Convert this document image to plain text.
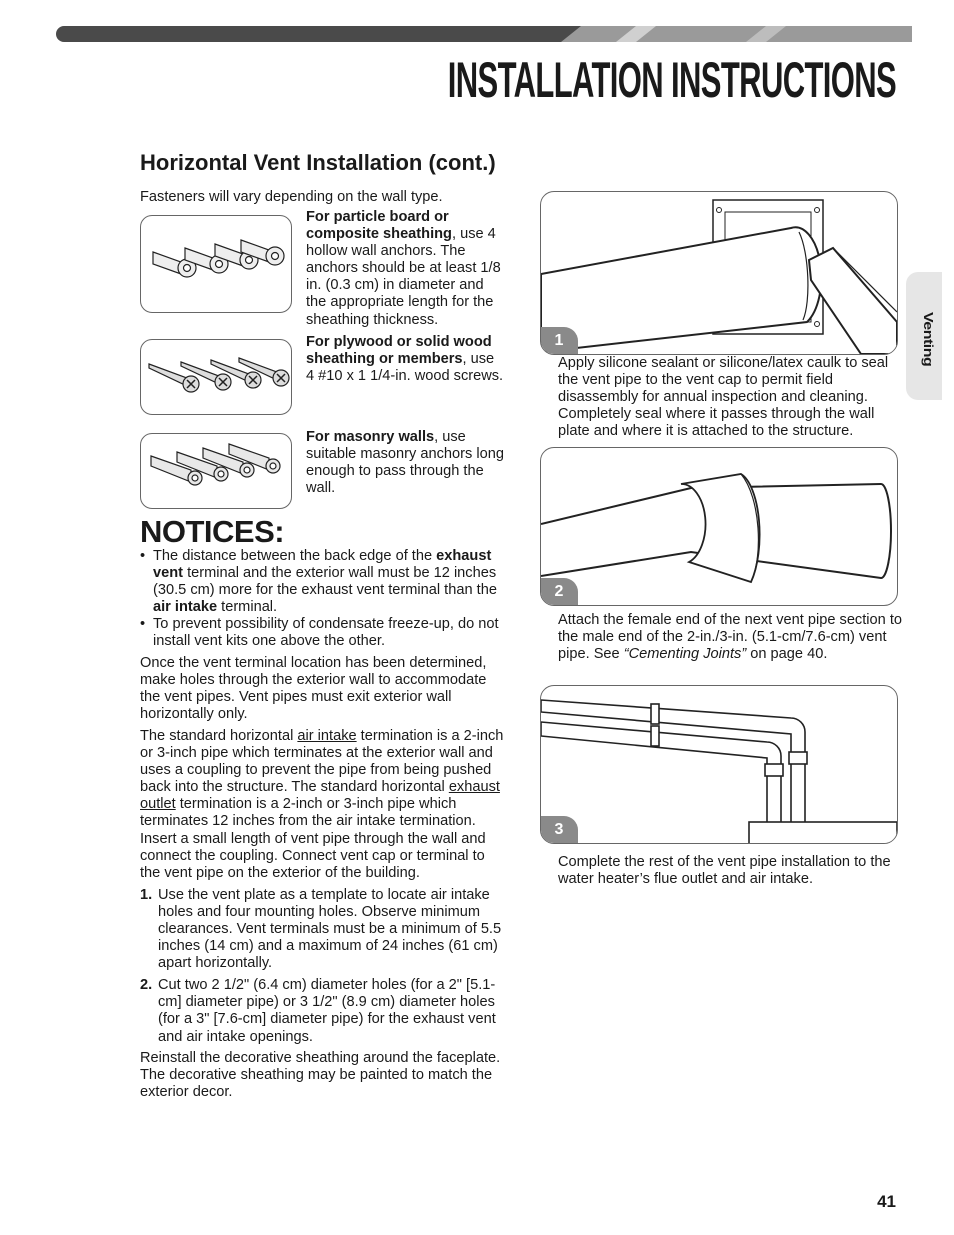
INSTALLATION INSTRUCTIONS
Horizontal Vent Installation (cont.)
Fasteners will vary depending on the wall type.
For particle board or composite sheathing, use 4 hollow wall anchors. The anchors should be at least 1/8 in. (0.3 cm) in diameter and the appropriate length for the sheathing thickness.
For plywood or solid wood sheathing or members, use 4 #10 x 1 1/4-in. wood screws.
For masonry walls, use suitable masonry anchors long enough to pass through the wall.
NOTICES:
• The distance between the back edge of the exhaust vent terminal and the exterior wall must be 12 inches (30.5 cm) more for the exhaust vent terminal than the air intake terminal.
• To prevent possibility of condensate freeze-up, do not install vent kits one above the other.
Once the vent terminal location has been determined, make holes through the exterior wall to accommodate the vent pipes. Vent pipes must exit exterior wall horizontally only.
The standard horizontal air intake termination is a 2-inch or 3-inch pipe which terminates at the exterior wall and uses a coupling to prevent the pipe from being pushed back into the structure. The standard horizontal exhaust outlet termination is a 2-inch or 3-inch pipe which terminates 12 inches from the air intake termination. Insert a small length of vent pipe through the wall and connect the coupling. Connect vent cap or terminal to the vent pipe on the exterior of the building.
1. Use the vent plate as a template to locate air intake holes and four mounting holes. Observe minimum clearances. Vent terminals must be a minimum of 5.5 inches (14 cm) and a maximum of 24 inches (61 cm) apart horizontally.
2. Cut two 2 1/2" (6.4 cm) diameter holes (for a 2" [5.1-cm] diameter pipe) or 3 1/2" (8.9 cm) diameter holes (for a 3" [7.6-cm] diameter pipe) for the exhaust vent and air intake openings.
Reinstall the decorative sheathing around the faceplate. The decorative sheathing may be painted to match the exterior decor.
1
Apply silicone sealant or silicone/latex caulk to seal the vent pipe to the vent cap to permit field disassembly for annual inspection and cleaning. Completely seal where it passes through the wall plate and where it is attached to the structure.
2
Attach the female end of the next vent pipe section to the male end of the 2-in./3-in. (5.1-cm/7.6-cm) vent pipe. See “Cementing Joints” on page 40.
3
Complete the rest of the vent pipe installation to the water heater’s flue outlet and air intake.
Venting
41
